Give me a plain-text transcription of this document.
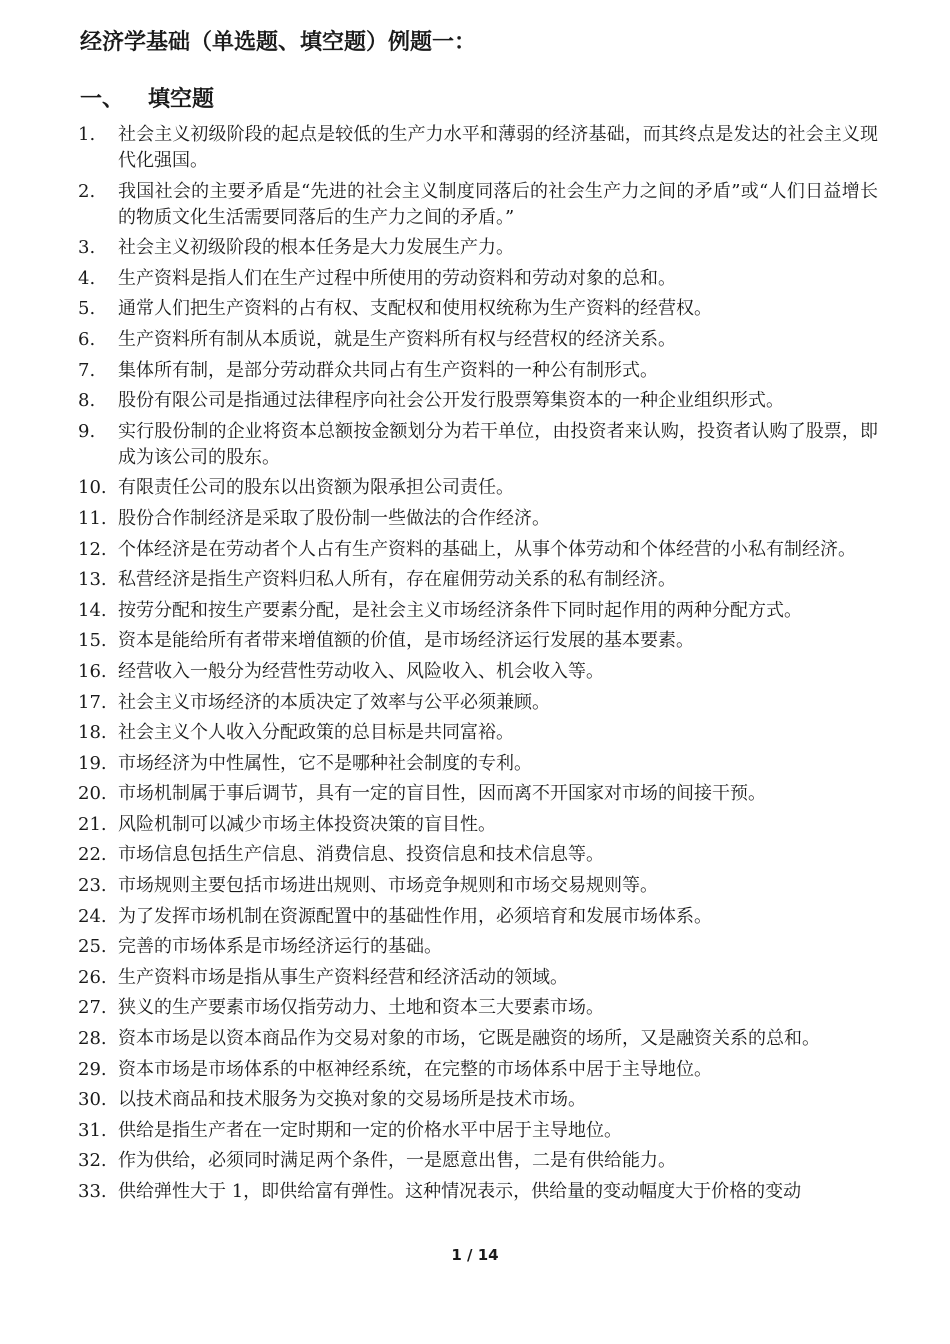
经济学基础（单选题、填空题）例题一：
一、 填空题
1.	社会主义初级阶段的起点是较低的生产力水平和薄弱的经济基础，而其终点是发达的社会主义现代化强国。
2.	我国社会的主要矛盾是“先进的社会主义制度同落后的社会生产力之间的矛盾”或“人们日益增长的物质文化生活需要同落后的生产力之间的矛盾。”
3.	社会主义初级阶段的根本任务是大力发展生产力。
4.	生产资料是指人们在生产过程中所使用的劳动资料和劳动对象的总和。
5.	通常人们把生产资料的占有权、支配权和使用权统称为生产资料的经营权。
6.	生产资料所有制从本质说，就是生产资料所有权与经营权的经济关系。
7.	集体所有制，是部分劳动群众共同占有生产资料的一种公有制形式。
8.	股份有限公司是指通过法律程序向社会公开发行股票筹集资本的一种企业组织形式。
9.	实行股份制的企业将资本总额按金额划分为若干单位，由投资者来认购，投资者认购了股票，即成为该公司的股东。
10. 有限责任公司的股东以出资额为限承担公司责任。
11. 股份合作制经济是采取了股份制一些做法的合作经济。
12. 个体经济是在劳动者个人占有生产资料的基础上，从事个体劳动和个体经营的小私有制经济。
13. 私营经济是指生产资料归私人所有，存在雇佣劳动关系的私有制经济。
14. 按劳分配和按生产要素分配，是社会主义市场经济条件下同时起作用的两种分配方式。
15. 资本是能给所有者带来增值额的价值，是市场经济运行发展的基本要素。
16. 经营收入一般分为经营性劳动收入、风险收入、机会收入等。
17. 社会主义市场经济的本质决定了效率与公平必须兼顾。
18. 社会主义个人收入分配政策的总目标是共同富裕。
19. 市场经济为中性属性，它不是哪种社会制度的专利。
20. 市场机制属于事后调节，具有一定的盲目性，因而离不开国家对市场的间接干预。
21. 风险机制可以减少市场主体投资决策的盲目性。
22. 市场信息包括生产信息、消费信息、投资信息和技术信息等。
23. 市场规则主要包括市场进出规则、市场竞争规则和市场交易规则等。
24. 为了发挥市场机制在资源配置中的基础性作用，必须培育和发展市场体系。
25. 完善的市场体系是市场经济运行的基础。
26. 生产资料市场是指从事生产资料经营和经济活动的领域。
27. 狭义的生产要素市场仅指劳动力、土地和资本三大要素市场。
28. 资本市场是以资本商品作为交易对象的市场，它既是融资的场所，又是融资关系的总和。
29. 资本市场是市场体系的中枢神经系统，在完整的市场体系中居于主导地位。
30. 以技术商品和技术服务为交换对象的交易场所是技术市场。
31. 供给是指生产者在一定时期和一定的价格水平中居于主导地位。
32. 作为供给，必须同时满足两个条件，一是愿意出售，二是有供给能力。
33. 供给弹性大于 1，即供给富有弹性。这种情况表示，供给量的变动幅度大于价格的变动
1 / 14
